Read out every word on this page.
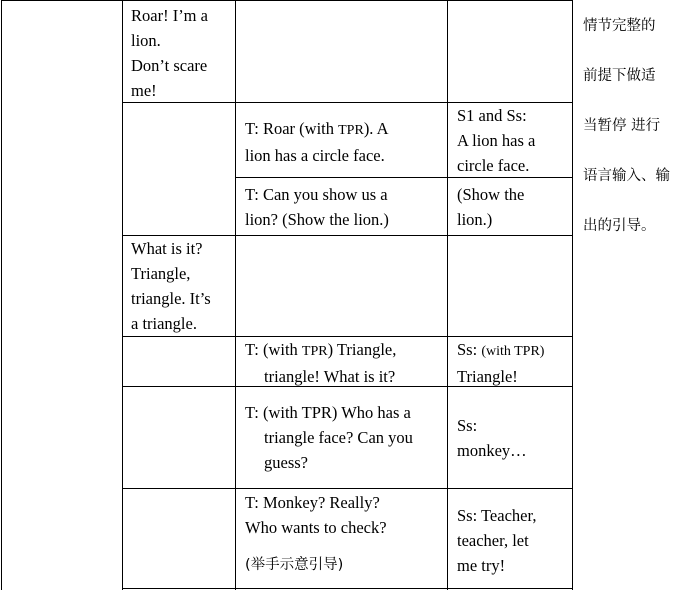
Roar! I’m a
lion.
Don’t scare
me!
T: Roar (with TPR). A
lion has a circle face.
S1 and Ss:
A lion has a
circle face.
T: Can you show us a
lion? (Show the lion.)
(Show the
lion.)
What is it?
Triangle,
triangle. It’s
a triangle.
T: (with TPR) Triangle,
triangle! What is it?
Ss: (with TPR)
Triangle!
T: (with TPR) Who has a
triangle face? Can you
guess?
Ss:
monkey…
T: Monkey? Really?
Who wants to check?
(举手示意引导)
Ss: Teacher,
teacher, let
me try!
情节完整的
前提下做适
当暂停 进行
语言输入、输
出的引导。
